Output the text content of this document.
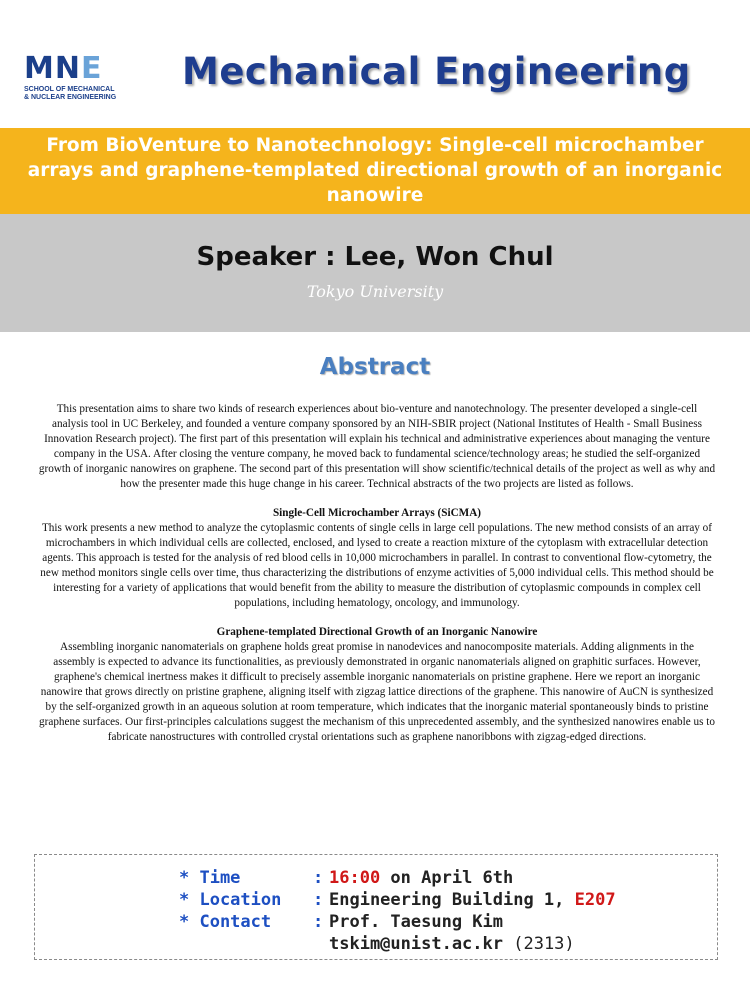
MNE
SCHOOL OF MECHANICAL
& NUCLEAR ENGINEERING
Mechanical Engineering
From BioVenture to Nanotechnology: Single-cell microchamber
arrays and graphene-templated directional growth of an inorganic
nanowire
Speaker : Lee, Won Chul
Tokyo University
Abstract

This presentation aims to share two kinds of research experiences about bio-venture and nanotechnology. The presenter developed a single-cell analysis tool in UC Berkeley, and founded a venture company sponsored by an NIH-SBIR project (National Institutes of Health - Small Business Innovation Research project). The first part of this presentation will explain his technical and administrative experiences about managing the venture company in the USA. After closing the venture company, he moved back to fundamental science/technology areas; he studied the self-organized growth of inorganic nanowires on graphene. The second part of this presentation will show scientific/technical details of the project as well as why and how the presenter made this huge change in his career. Technical abstracts of the two projects are listed as follows.

Single-Cell Microchamber Arrays (SiCMA)

This work presents a new method to analyze the cytoplasmic contents of single cells in large cell populations. The new method consists of an array of microchambers in which individual cells are collected, enclosed, and lysed to create a reaction mixture of the cytoplasm with extracellular detection agents. This approach is tested for the analysis of red blood cells in 10,000 microchambers in parallel. In contrast to conventional flow-cytometry, the new method monitors single cells over time, thus characterizing the distributions of enzyme activities of 5,000 individual cells. This method should be interesting for a variety of applications that would benefit from the ability to measure the distribution of cytoplasmic compounds in complex cell populations, including hematology, oncology, and immunology.

Graphene-templated Directional Growth of an Inorganic Nanowire

Assembling inorganic nanomaterials on graphene holds great promise in nanodevices and nanocomposite materials. Adding alignments in the assembly is expected to advance its functionalities, as previously demonstrated in organic nanomaterials aligned on graphitic surfaces. However, graphene's chemical inertness makes it difficult to precisely assemble inorganic nanomaterials on pristine graphene. Here we report an inorganic nanowire that grows directly on pristine graphene, aligning itself with zigzag lattice directions of the graphene. This nanowire of AuCN is synthesized by the self-organized growth in an aqueous solution at room temperature, which indicates that the inorganic material spontaneously binds to pristine graphene surfaces. Our first-principles calculations suggest the mechanism of this unprecedented assembly, and the synthesized nanowires enable us to fabricate nanostructures with controlled crystal orientations such as graphene nanoribbons with zigzag-edged directions.

* Time	: 16:00 on April 6th
* Location : Engineering Building 1, E207
* Contact: Prof. Taesung Kim
tskim@unist.ac.kr (2313)
